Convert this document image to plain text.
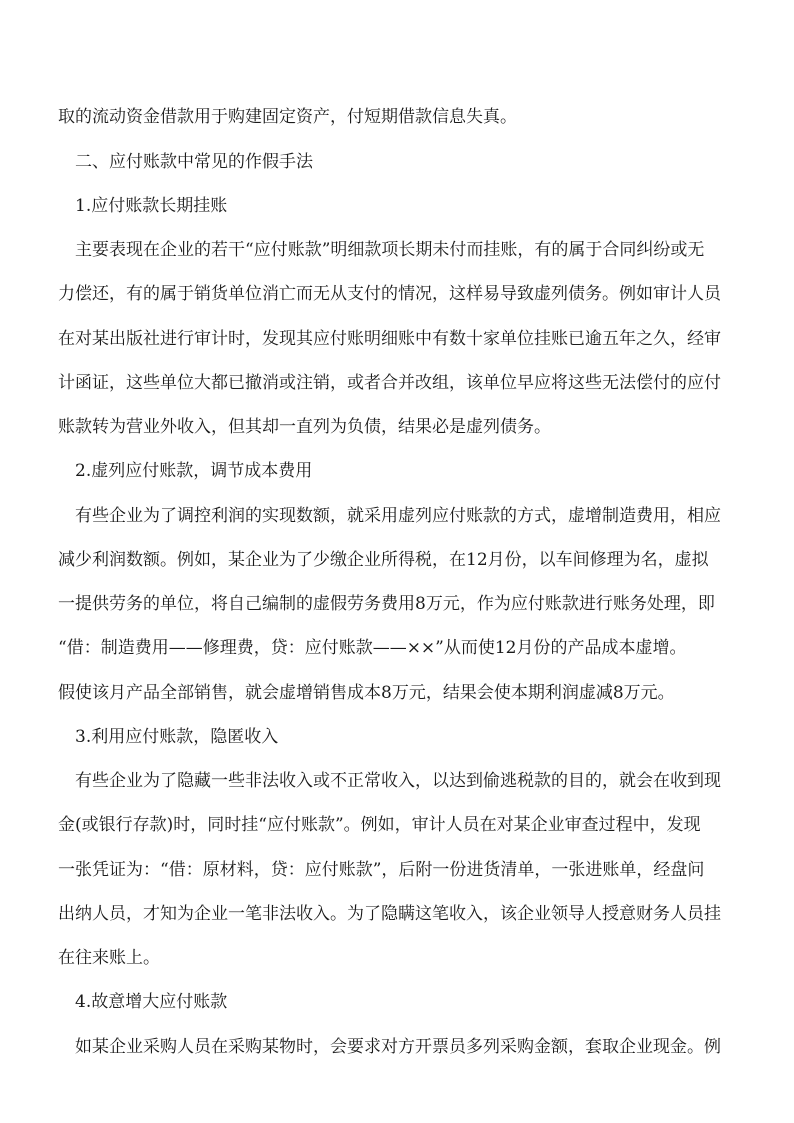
取的流动资金借款用于购建固定资产，付短期借款信息失真。
二、应付账款中常见的作假手法
1.应付账款长期挂账
主要表现在企业的若干“应付账款”明细款项长期未付而挂账，有的属于合同纠纷或无
力偿还，有的属于销货单位消亡而无从支付的情况，这样易导致虚列债务。例如审计人员
在对某出版社进行审计时，发现其应付账明细账中有数十家单位挂账已逾五年之久，经审
计函证，这些单位大都已撤消或注销，或者合并改组，该单位早应将这些无法偿付的应付
账款转为营业外收入，但其却一直列为负债，结果必是虚列债务。
2.虚列应付账款，调节成本费用
有些企业为了调控利润的实现数额，就采用虚列应付账款的方式，虚增制造费用，相应
减少利润数额。例如，某企业为了少缴企业所得税，在12月份，以车间修理为名，虚拟
一提供劳务的单位，将自己编制的虚假劳务费用8万元，作为应付账款进行账务处理，即
“借：制造费用——修理费，贷：应付账款——××”从而使12月份的产品成本虚增。
假使该月产品全部销售，就会虚增销售成本8万元，结果会使本期利润虚减8万元。
3.利用应付账款，隐匿收入
有些企业为了隐藏一些非法收入或不正常收入，以达到偷逃税款的目的，就会在收到现
金(或银行存款)时，同时挂“应付账款”。例如，审计人员在对某企业审查过程中，发现
一张凭证为：“借：原材料，贷：应付账款”，后附一份进货清单，一张进账单，经盘问
出纳人员，才知为企业一笔非法收入。为了隐瞒这笔收入，该企业领导人授意财务人员挂
在往来账上。
4.故意增大应付账款
如某企业采购人员在采购某物时，会要求对方开票员多列采购金额，套取企业现金。例
